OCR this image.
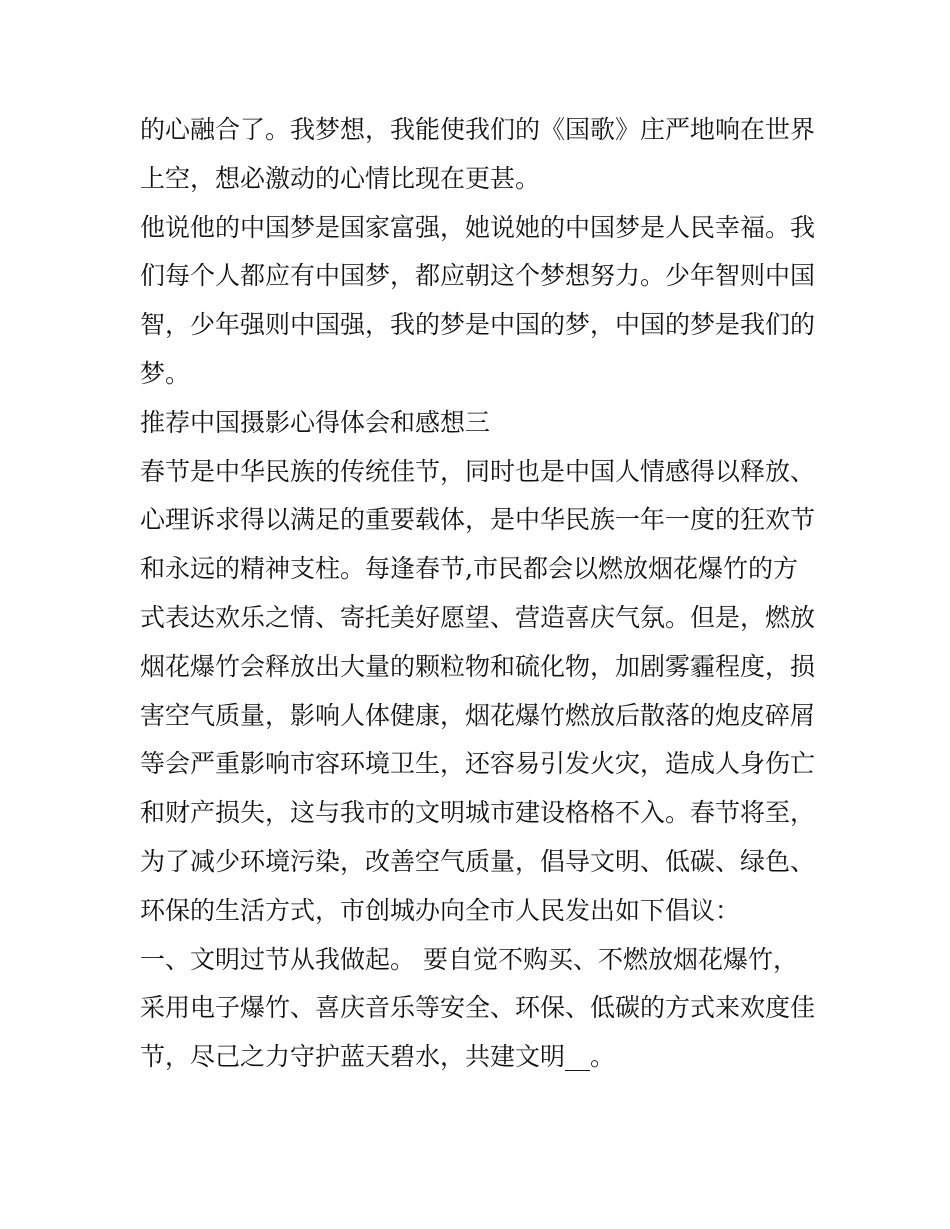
的心融合了。我梦想，我能使我们的《国歌》庄严地响在世界
上空，想必激动的心情比现在更甚。
他说他的中国梦是国家富强，她说她的中国梦是人民幸福。我
们每个人都应有中国梦，都应朝这个梦想努力。少年智则中国
智，少年强则中国强，我的梦是中国的梦，中国的梦是我们的
梦。
推荐中国摄影心得体会和感想三
春节是中华民族的传统佳节，同时也是中国人情感得以释放、
心理诉求得以满足的重要载体，是中华民族一年一度的狂欢节
和永远的精神支柱。每逢春节,市民都会以燃放烟花爆竹的方
式表达欢乐之情、寄托美好愿望、营造喜庆气氛。但是，燃放
烟花爆竹会释放出大量的颗粒物和硫化物，加剧雾霾程度，损
害空气质量，影响人体健康，烟花爆竹燃放后散落的炮皮碎屑
等会严重影响市容环境卫生，还容易引发火灾，造成人身伤亡
和财产损失，这与我市的文明城市建设格格不入。春节将至，
为了减少环境污染，改善空气质量，倡导文明、低碳、绿色、
环保的生活方式，市创城办向全市人民发出如下倡议：
一、文明过节从我做起。 要自觉不购买、不燃放烟花爆竹，
采用电子爆竹、喜庆音乐等安全、环保、低碳的方式来欢度佳
节，尽己之力守护蓝天碧水，共建文明__。
